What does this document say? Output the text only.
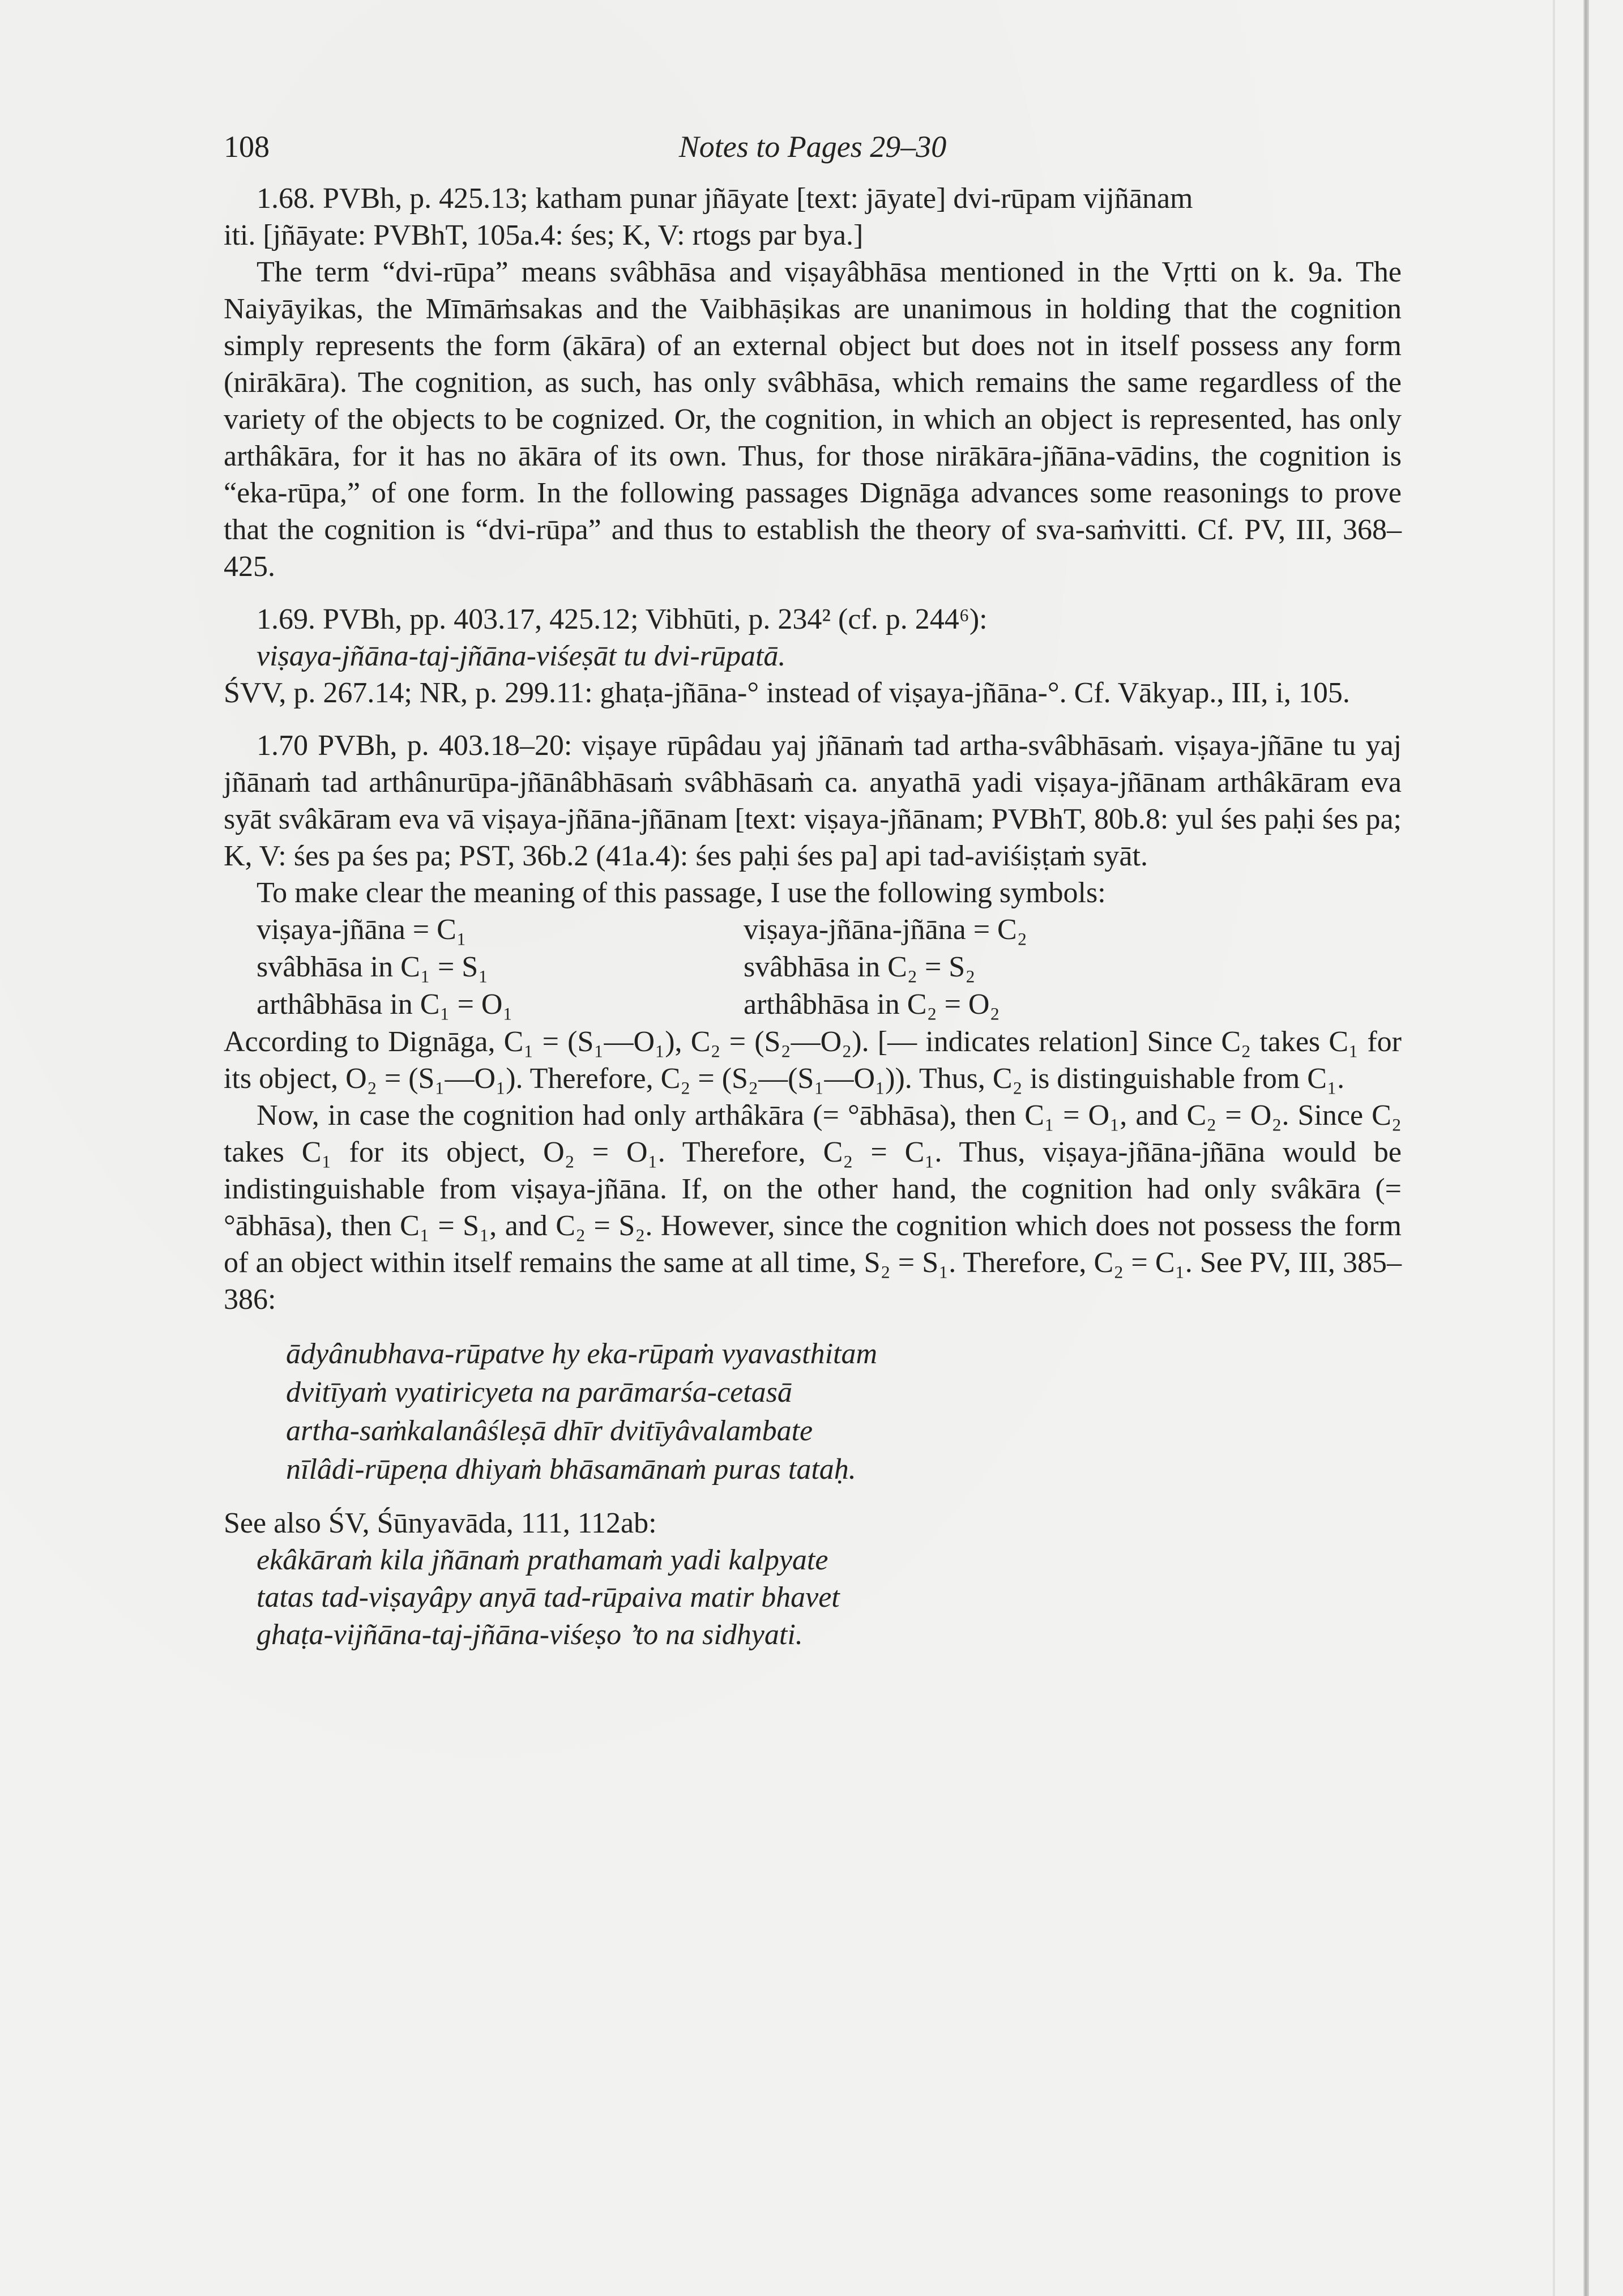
108	Notes to Pages 29–30

1.68. PVBh, p. 425.13; katham punar jñāyate [text: jāyate] dvi-rūpam vijñānam

iti. [jñāyate: PVBhT, 105a.4: śes; K, V: rtogs par bya.]

The term “dvi-rūpa” means svâbhāsa and viṣayâbhāsa mentioned in the Vṛtti on k. 9a. The Naiyāyikas, the Mīmāṁsakas and the Vaibhāṣikas are unanimous in holding that the cognition simply represents the form (ākāra) of an external object but does not in itself possess any form (nirākāra). The cognition, as such, has only svâbhāsa, which remains the same regardless of the variety of the objects to be cognized. Or, the cognition, in which an object is represented, has only arthâkāra, for it has no ākāra of its own. Thus, for those nirākāra-jñāna-vādins, the cognition is “eka-rūpa,” of one form. In the following passages Dignāga advances some reasonings to prove that the cognition is “dvi-rūpa” and thus to establish the theory of sva-saṁvitti. Cf. PV, III, 368–425.

1.69. PVBh, pp. 403.17, 425.12; Vibhūti, p. 234² (cf. p. 244⁶):

viṣaya-jñāna-taj-jñāna-viśeṣāt tu dvi-rūpatā.

ŚVV, p. 267.14; NR, p. 299.11: ghaṭa-jñāna-° instead of viṣaya-jñāna-°. Cf. Vākyap., III, i, 105.

1.70 PVBh, p. 403.18–20: viṣaye rūpâdau yaj jñānaṁ tad artha-svâbhāsaṁ. viṣaya-jñāne tu yaj jñānaṁ tad arthânurūpa-jñānâbhāsaṁ svâbhāsaṁ ca. anyathā yadi viṣaya-jñānam arthâkāram eva syāt svâkāram eva vā viṣaya-jñāna-jñānam [text: viṣaya-jñānam; PVBhT, 80b.8: yul śes paḥi śes pa; K, V: śes pa śes pa; PST, 36b.2 (41a.4): śes paḥi śes pa] api tad-aviśiṣṭaṁ syāt.

To make clear the meaning of this passage, I use the following symbols:

viṣaya-jñāna = C₁	viṣaya-jñāna-jñāna = C₂
svâbhāsa in C₁ = S₁	svâbhāsa in C₂ = S₂
arthâbhāsa in C₁ = O₁	arthâbhāsa in C₂ = O₂

According to Dignāga, C₁ = (S₁—O₁), C₂ = (S₂—O₂). [— indicates relation] Since C₂ takes C₁ for its object, O₂ = (S₁—O₁). Therefore, C₂ = (S₂—(S₁—O₁)). Thus, C₂ is distinguishable from C₁.

Now, in case the cognition had only arthâkāra (= °ābhāsa), then C₁ = O₁, and C₂ = O₂. Since C₂ takes C₁ for its object, O₂ = O₁. Therefore, C₂ = C₁. Thus, viṣaya-jñāna-jñāna would be indistinguishable from viṣaya-jñāna. If, on the other hand, the cognition had only svâkāra (= °ābhāsa), then C₁ = S₁, and C₂ = S₂. However, since the cognition which does not possess the form of an object within itself remains the same at all time, S₂ = S₁. Therefore, C₂ = C₁. See PV, III, 385–386:

ādyânubhava-rūpatve hy eka-rūpaṁ vyavasthitam
dvitīyaṁ vyatiricyeta na parāmarśa-cetasā
artha-saṁkalanâśleṣā dhīr dvitīyâvalambate
nīlâdi-rūpeṇa dhiyaṁ bhāsamānaṁ puras tataḥ.

See also ŚV, Śūnyavāda, 111, 112ab:

ekâkāraṁ kila jñānaṁ prathamaṁ yadi kalpyate
tatas tad-viṣayâpy anyā tad-rūpaiva matir bhavet
ghaṭa-vijñāna-taj-jñāna-viśeṣo ’to na sidhyati.
